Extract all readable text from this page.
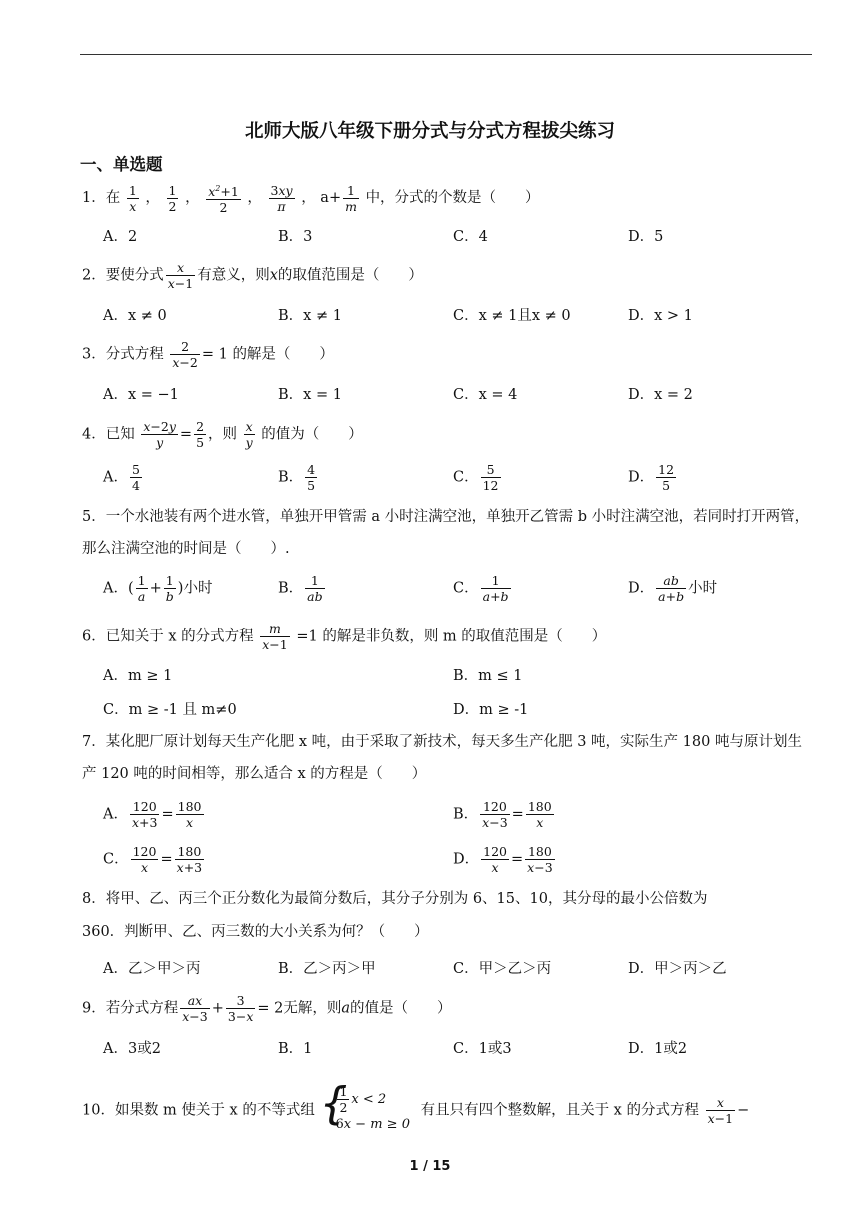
北师大版八年级下册分式与分式方程拔尖练习
一、单选题
1．在 $\frac{1}{x}$ ， $\frac{1}{2}$ ， $\frac{x^2+1}{2}$ ， $\frac{3xy}{\pi}$ ， $a+ \frac{1}{m}$ 中，分式的个数是（　　）
A．2	B．3	C．4	D．5
2．要使分式 $\frac{x}{x-1}$ 有意义，则x的取值范围是（　　）
A．x ≠ 0	B．x ≠ 1	C．x ≠ 1且x ≠ 0	D．x > 1
3．分式方程 $\frac{2}{x-2} = 1$ 的解是（　　）
A．x = −1	B．x = 1	C．x = 4	D．x = 2
4．已知 $\frac{x-2y}{y} = \frac{2}{5}$ ，则 $\frac{x}{y}$ 的值为（　　）
A． $\frac{5}{4}$	B． $\frac{4}{5}$	C． $\frac{5}{12}$	D． $\frac{12}{5}$
5．一个水池装有两个进水管，单独开甲管需 a 小时注满空池，单独开乙管需 b 小时注满空池，若同时打开两管，那么注满空池的时间是（　　）.
A．( $\frac{1}{a} + \frac{1}{b}$ )小时	B． $\frac{1}{ab}$	C． $\frac{1}{a+b}$	D． $\frac{ab}{a+b}$ 小时
6．已知关于 x 的分式方程 $\frac{m}{x-1} =1$ 的解是非负数，则 m 的取值范围是（　　）
A．m ≥ 1	B．m ≤ 1
C．m ≥ -1 且 m≠0	D．m ≥ -1
7．某化肥厂原计划每天生产化肥 x 吨，由于采取了新技术，每天多生产化肥 3 吨，实际生产 180 吨与原计划生产 120 吨的时间相等，那么适合 x 的方程是（　　）
A． $\frac{120}{x+3} = \frac{180}{x}$	B． $\frac{120}{x-3} = \frac{180}{x}$
C． $\frac{120}{x} = \frac{180}{x+3}$	D． $\frac{120}{x} = \frac{180}{x-3}$
8．将甲、乙、丙三个正分数化为最简分数后，其分子分别为 6、15、10，其分母的最小公倍数为
360．判断甲、乙、丙三数的大小关系为何？（　　）
A．乙＞甲＞丙	B．乙＞丙＞甲	C．甲＞乙＞丙	D．甲＞丙＞乙
9．若分式方程 $\frac{ax}{x-3} + \frac{3}{3-x} = 2$无解，则a的值是（　　）
A．3或2	B．1	C．1或3	D．1或2
10．如果数 m 使关于 x 的不等式组
{ $\frac{1}{2}$ x < 2
6x − m ≥ 0
有且只有四个整数解，且关于 x 的分式方程 $\frac{x}{x-1}$ −
1 / 15
